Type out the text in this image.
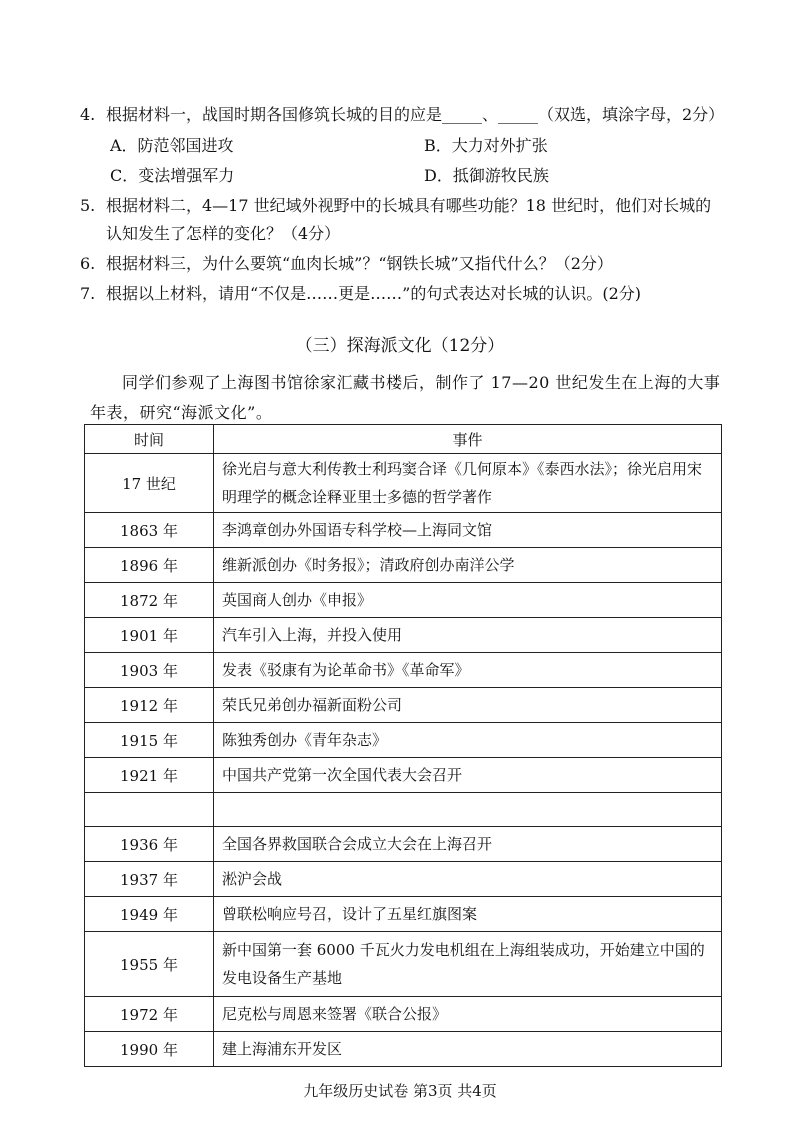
4. 根据材料一，战国时期各国修筑长城的目的应是_____、_____（双选，填涂字母，2分）
A．防范邻国进攻	B．大力对外扩张
C．变法增强军力	D．抵御游牧民族
5. 根据材料二，4—17 世纪域外视野中的长城具有哪些功能？18 世纪时，他们对长城的认知发生了怎样的变化？（4分）
6. 根据材料三，为什么要筑“血肉长城”？“钢铁长城”又指代什么？（2分）
7. 根据以上材料，请用“不仅是……更是……”的句式表达对长城的认识。(2分)
（三）探海派文化（12分）
同学们参观了上海图书馆徐家汇藏书楼后，制作了 17—20 世纪发生在上海的大事年表，研究“海派文化”。
时间	事件
17 世纪	徐光启与意大利传教士利玛窦合译《几何原本》《泰西水法》；徐光启用宋明理学的概念诠释亚里士多德的哲学著作
1863 年	李鸿章创办外国语专科学校—上海同文馆
1896 年	维新派创办《时务报》；清政府创办南洋公学
1872 年	英国商人创办《申报》
1901 年	汽车引入上海，并投入使用
1903 年	发表《驳康有为论革命书》《革命军》
1912 年	荣氏兄弟创办福新面粉公司
1915 年	陈独秀创办《青年杂志》
1921 年	中国共产党第一次全国代表大会召开

1936 年	全国各界救国联合会成立大会在上海召开
1937 年	淞沪会战
1949 年	曾联松响应号召，设计了五星红旗图案
1955 年	新中国第一套 6000 千瓦火力发电机组在上海组装成功，开始建立中国的发电设备生产基地
1972 年	尼克松与周恩来签署《联合公报》
1990 年	建上海浦东开发区
九年级历史试卷 第3页 共4页
